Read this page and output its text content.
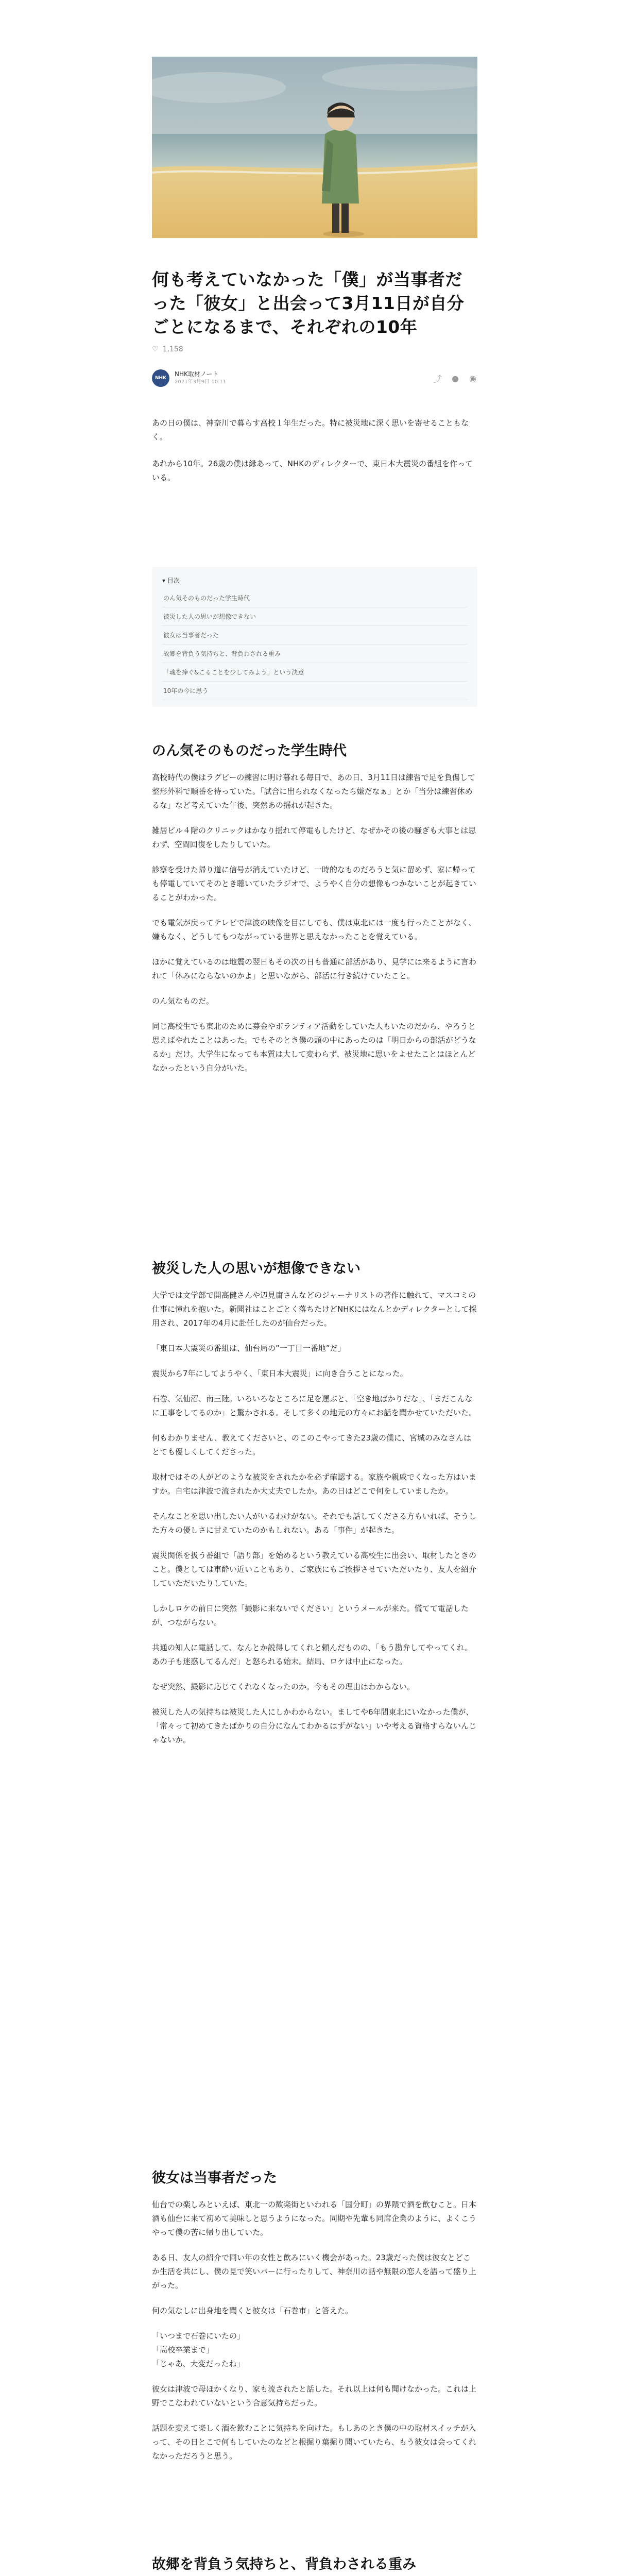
何も考えていなかった「僕」が当事者だった「彼女」と出会って3月11日が自分ごとになるまで、それぞれの10年
♡ 1,158
NHK
NHK取材ノート
2021年3月9日 10:11	⤴ ● ◉

あの日の僕は、神奈川で暮らす高校１年生だった。特に被災地に深く思いを寄せることもなく。

あれから10年。26歳の僕は縁あって、NHKのディレクターで、東日本大震災の番組を作っている。

▾ 目次
のん気そのものだった学生時代
被災した人の思いが想像できない
彼女は当事者だった
故郷を背負う気持ちと、背負わされる重み
「魂を捧ぐ&こることを少してみよう」という決意
10年の今に思う
のん気そのものだった学生時代

高校時代の僕はラグビーの練習に明け暮れる毎日で、あの日、3月11日は練習で足を負傷して整形外科で順番を待っていた。「試合に出られなくなったら嫌だなぁ」とか「当分は練習休めるな」など考えていた午後、突然あの揺れが起きた。

雑居ビル４階のクリニックはかなり揺れて停電もしたけど、なぜかその後の騒ぎも大事とは思わず、空間回復をしたりしていた。

診察を受けた帰り道に信号が消えていたけど、一時的なものだろうと気に留めず、家に帰っても停電していてそのとき聴いていたラジオで、ようやく自分の想像もつかないことが起きていることがわかった。

でも電気が戻ってテレビで津波の映像を目にしても、僕は東北には一度も行ったことがなく、嫌もなく、どうしてもつながっている世界と思えなかったことを覚えている。

ほかに覚えているのは地震の翌日もその次の日も普通に部活があり、見学には来るように言われて「休みにならないのかよ」と思いながら、部活に行き続けていたこと。

のん気なものだ。

同じ高校生でも東北のために募金やボランティア活動をしていた人もいたのだから、やろうと思えばやれたことはあった。でもそのとき僕の頭の中にあったのは「明日からの部活がどうなるか」だけ。大学生になっても本質は大して変わらず、被災地に思いをよせたことはほとんどなかったという自分がいた。

被災した人の思いが想像できない

大学では文学部で開高健さんや辺見庸さんなどのジャーナリストの著作に触れて、マスコミの仕事に憧れを抱いた。新聞社はことごとく落ちたけどNHKにはなんとかディレクターとして採用され、2017年の4月に赴任したのが仙台だった。

「東日本大震災の番組は、仙台局の”一丁目一番地”だ」

震災から7年にしてようやく、「東日本大震災」に向き合うことになった。

石巻、気仙沼、南三陸。いろいろなところに足を運ぶと、「空き地ばかりだな」、「まだこんなに工事をしてるのか」と驚かされる。そして多くの地元の方々にお話を聞かせていただいた。

何もわかりません、教えてくださいと、のこのこやってきた23歳の僕に、宮城のみなさんはとても優しくしてくださった。

取材ではその人がどのような被災をされたかを必ず確認する。家族や親戚でくなった方はいますか。自宅は津波で流されたか大丈夫でしたか。あの日はどこで何をしていましたか。

そんなことを思い出したい人がいるわけがない。それでも話してくださる方もいれば、そうした方々の優しさに甘えていたのかもしれない。ある「事件」が起きた。

震災関係を扱う番組で「語り部」を始めるという教えている高校生に出会い、取材したときのこと。僕としては車酔い近いこともあり、ご家族にもご挨拶させていただいたり、友人を紹介していただいたりしていた。

しかしロケの前日に突然「撮影に来ないでください」というメールが来た。慌てて電話したが、つながらない。

共通の知人に電話して、なんとか説得してくれと頼んだものの、「もう勘弁してやってくれ。あの子も迷惑してるんだ」と怒られる始末。結局、ロケは中止になった。

なぜ突然、撮影に応じてくれなくなったのか。今もその理由はわからない。

被災した人の気持ちは被災した人にしかわからない。ましてや6年間東北にいなかった僕が、「常々って初めてきたばかりの自分になんてわかるはずがない」いや考える資格すらないんじゃないか。

彼女は当事者だった

仙台での楽しみといえば、東北一の歓楽街といわれる「国分町」の界隈で酒を飲むこと。日本酒も仙台に来て初めて美味しと思うようになった。同期や先輩も同席企業のように、よくこうやって僕の苦に帰り出していた。

ある日、友人の紹介で同い年の女性と飲みにいく機会があった。23歳だった僕は彼女とどこか生活を共にし、僕の見で笑いバーに行ったりして、神奈川の話や無限の恋人を語って盛り上がった。

何の気なしに出身地を聞くと彼女は「石巻市」と答えた。

「いつまで石巻にいたの」
「高校卒業まで」
「じゃあ、大変だったね」

彼女は津波で母ほかくなり、家も流されたと話した。それ以上は何も聞けなかった。これは上野でこなわれていないという合意気持ちだった。

話題を変えて楽しく酒を飲むことに気持ちを向けた。もしあのとき僕の中の取材スイッチが入って、その日とこで何もしていたのなどと根掘り葉掘り聞いていたら、もう彼女は会ってくれなかっただろうと思う。

故郷を背負う気持ちと、背負わされる重み
